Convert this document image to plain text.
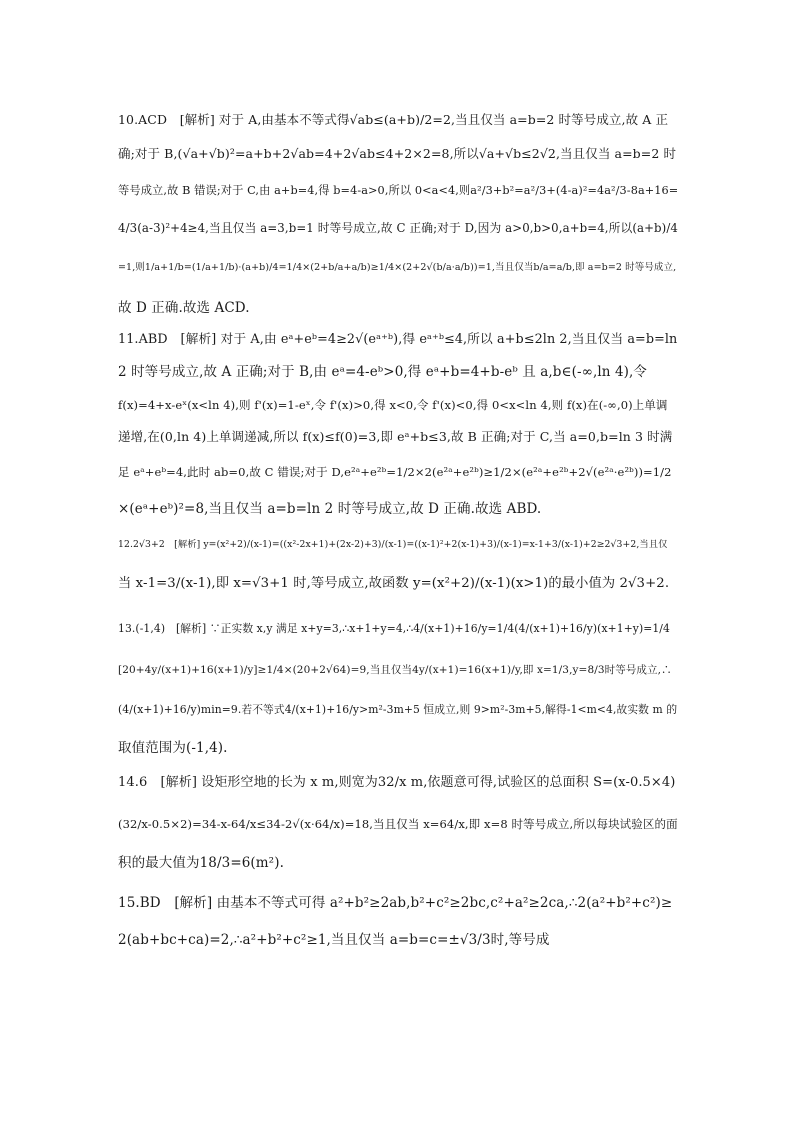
10.ACD　[解析] 对于 A,由基本不等式得√ab≤(a+b)/2=2,当且仅当 a=b=2 时等号成立,故 A 正
确;对于 B,(√a+√b)²=a+b+2√ab=4+2√ab≤4+2×2=8,所以√a+√b≤2√2,当且仅当 a=b=2 时
等号成立,故 B 错误;对于 C,由 a+b=4,得 b=4-a>0,所以 0<a<4,则a²/3+b²=a²/3+(4-a)²=4a²/3-8a+16=
4/3(a-3)²+4≥4,当且仅当 a=3,b=1 时等号成立,故 C 正确;对于 D,因为 a>0,b>0,a+b=4,所以(a+b)/4
=1,则1/a+1/b=(1/a+1/b)·(a+b)/4=1/4×(2+b/a+a/b)≥1/4×(2+2√(b/a·a/b))=1,当且仅当b/a=a/b,即 a=b=2 时等号成立,
故 D 正确.故选 ACD.
11.ABD　[解析] 对于 A,由 eᵃ+eᵇ=4≥2√(eᵃ⁺ᵇ),得 eᵃ⁺ᵇ≤4,所以 a+b≤2ln 2,当且仅当 a=b=ln
2 时等号成立,故 A 正确;对于 B,由 eᵃ=4-eᵇ>0,得 eᵃ+b=4+b-eᵇ 且 a,b∈(-∞,ln 4),令
f(x)=4+x-eˣ(x<ln 4),则 f'(x)=1-eˣ,令 f'(x)>0,得 x<0,令 f'(x)<0,得 0<x<ln 4,则 f(x)在(-∞,0)上单调
递增,在(0,ln 4)上单调递减,所以 f(x)≤f(0)=3,即 eᵃ+b≤3,故 B 正确;对于 C,当 a=0,b=ln 3 时满
足 eᵃ+eᵇ=4,此时 ab=0,故 C 错误;对于 D,e²ᵃ+e²ᵇ=1/2×2(e²ᵃ+e²ᵇ)≥1/2×(e²ᵃ+e²ᵇ+2√(e²ᵃ·e²ᵇ))=1/2
×(eᵃ+eᵇ)²=8,当且仅当 a=b=ln 2 时等号成立,故 D 正确.故选 ABD.
12.2√3+2　[解析] y=(x²+2)/(x-1)=((x²-2x+1)+(2x-2)+3)/(x-1)=((x-1)²+2(x-1)+3)/(x-1)=x-1+3/(x-1)+2≥2√3+2,当且仅
当 x-1=3/(x-1),即 x=√3+1 时,等号成立,故函数 y=(x²+2)/(x-1)(x>1)的最小值为 2√3+2.
13.(-1,4)　[解析] ∵正实数 x,y 满足 x+y=3,∴x+1+y=4,∴4/(x+1)+16/y=1/4(4/(x+1)+16/y)(x+1+y)=1/4
[20+4y/(x+1)+16(x+1)/y]≥1/4×(20+2√64)=9,当且仅当4y/(x+1)=16(x+1)/y,即 x=1/3,y=8/3时等号成立,∴
(4/(x+1)+16/y)min=9.若不等式4/(x+1)+16/y>m²-3m+5 恒成立,则 9>m²-3m+5,解得-1<m<4,故实数 m 的
取值范围为(-1,4).
14.6　[解析] 设矩形空地的长为 x m,则宽为32/x m,依题意可得,试验区的总面积 S=(x-0.5×4)
(32/x-0.5×2)=34-x-64/x≤34-2√(x·64/x)=18,当且仅当 x=64/x,即 x=8 时等号成立,所以每块试验区的面
积的最大值为18/3=6(m²).
15.BD　[解析] 由基本不等式可得 a²+b²≥2ab,b²+c²≥2bc,c²+a²≥2ca,∴2(a²+b²+c²)≥
2(ab+bc+ca)=2,∴a²+b²+c²≥1,当且仅当 a=b=c=±√3/3时,等号成
